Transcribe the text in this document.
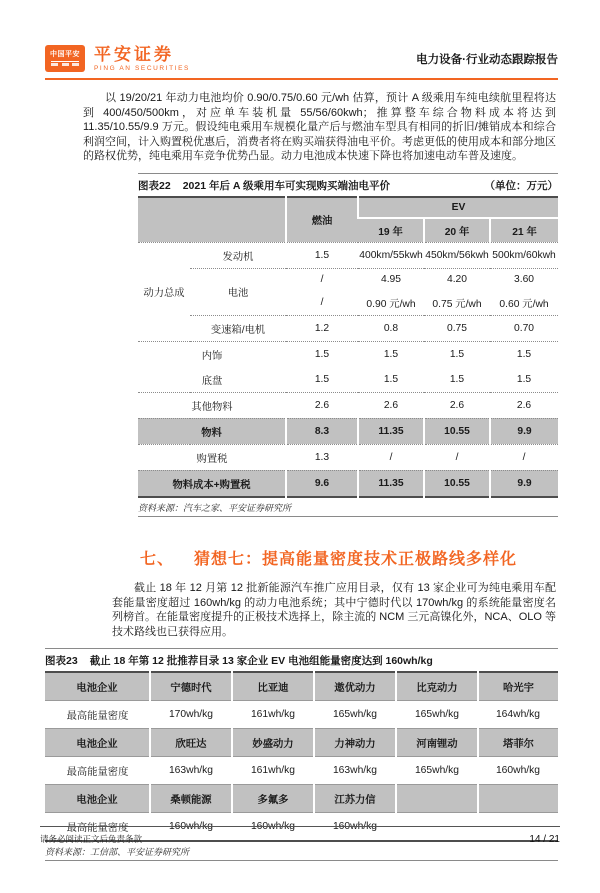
中国平安 平安证券
PING AN SECURITIES
电力设备·行业动态跟踪报告

以 19/20/21 年动力电池均价 0.90/0.75/0.60 元/wh 估算，预计 A 级乘用车纯电续航里程将达到 400/450/500km，对应单车装机量 55/56/60kwh；推算整车综合物料成本将达到 11.35/10.55/9.9 万元。假设纯电乘用车规模化量产后与燃油车型具有相同的折旧/摊销成本和综合利润空间，计入购置税优惠后，消费者将在购买端获得油电平价。考虑更低的使用成本和部分地区的路权优势，纯电乘用车竞争优势凸显。动力电池成本快速下降也将加速电动车普及速度。

图表22 2021 年后 A 级乘用车可实现购买端油电平价	（单位：万元）
		燃油	EV		
			19 年	20 年	21 年
动力总成	发动机	1.5	400km/55kwh	450km/56kwh	500km/60kwh
	电池	/	4.95	4.20	3.60
		/	0.90 元/wh	0.75 元/wh	0.60 元/wh
	变速箱/电机	1.2	0.8	0.75	0.70
内饰		1.5	1.5	1.5	1.5
底盘		1.5	1.5	1.5	1.5
其他物料		2.6	2.6	2.6	2.6
物料		8.3	11.35	10.55	9.9
购置税		1.3	/	/	/
物料成本+购置税		9.6	11.35	10.55	9.9
资料来源：汽车之家、平安证券研究所
七、 猜想七：提高能量密度技术正极路线多样化

截止 18 年 12 月第 12 批新能源汽车推广应用目录，仅有 13 家企业可为纯电乘用车配套能量密度超过 160wh/kg 的动力电池系统；其中宁德时代以 170wh/kg 的系统能量密度名列榜首。在能量密度提升的正极技术选择上，除主流的 NCM 三元高镍化外，NCA、OLO 等技术路线也已获得应用。

图表23 截止 18 年第 12 批推荐目录 13 家企业 EV 电池组能量密度达到 160wh/kg
电池企业	宁德时代	比亚迪	遨优动力	比克动力	哈光宇
最高能量密度	170wh/kg	161wh/kg	165wh/kg	165wh/kg	164wh/kg
电池企业	欣旺达	妙盛动力	力神动力	河南锂动	塔菲尔
最高能量密度	163wh/kg	161wh/kg	163wh/kg	165wh/kg	160wh/kg
电池企业	桑顿能源	多氟多	江苏力信		
最高能量密度	160wh/kg	160wh/kg	160wh/kg		
资料来源：工信部、平安证券研究所
请务必阅读正文后免责条款	14 / 21
